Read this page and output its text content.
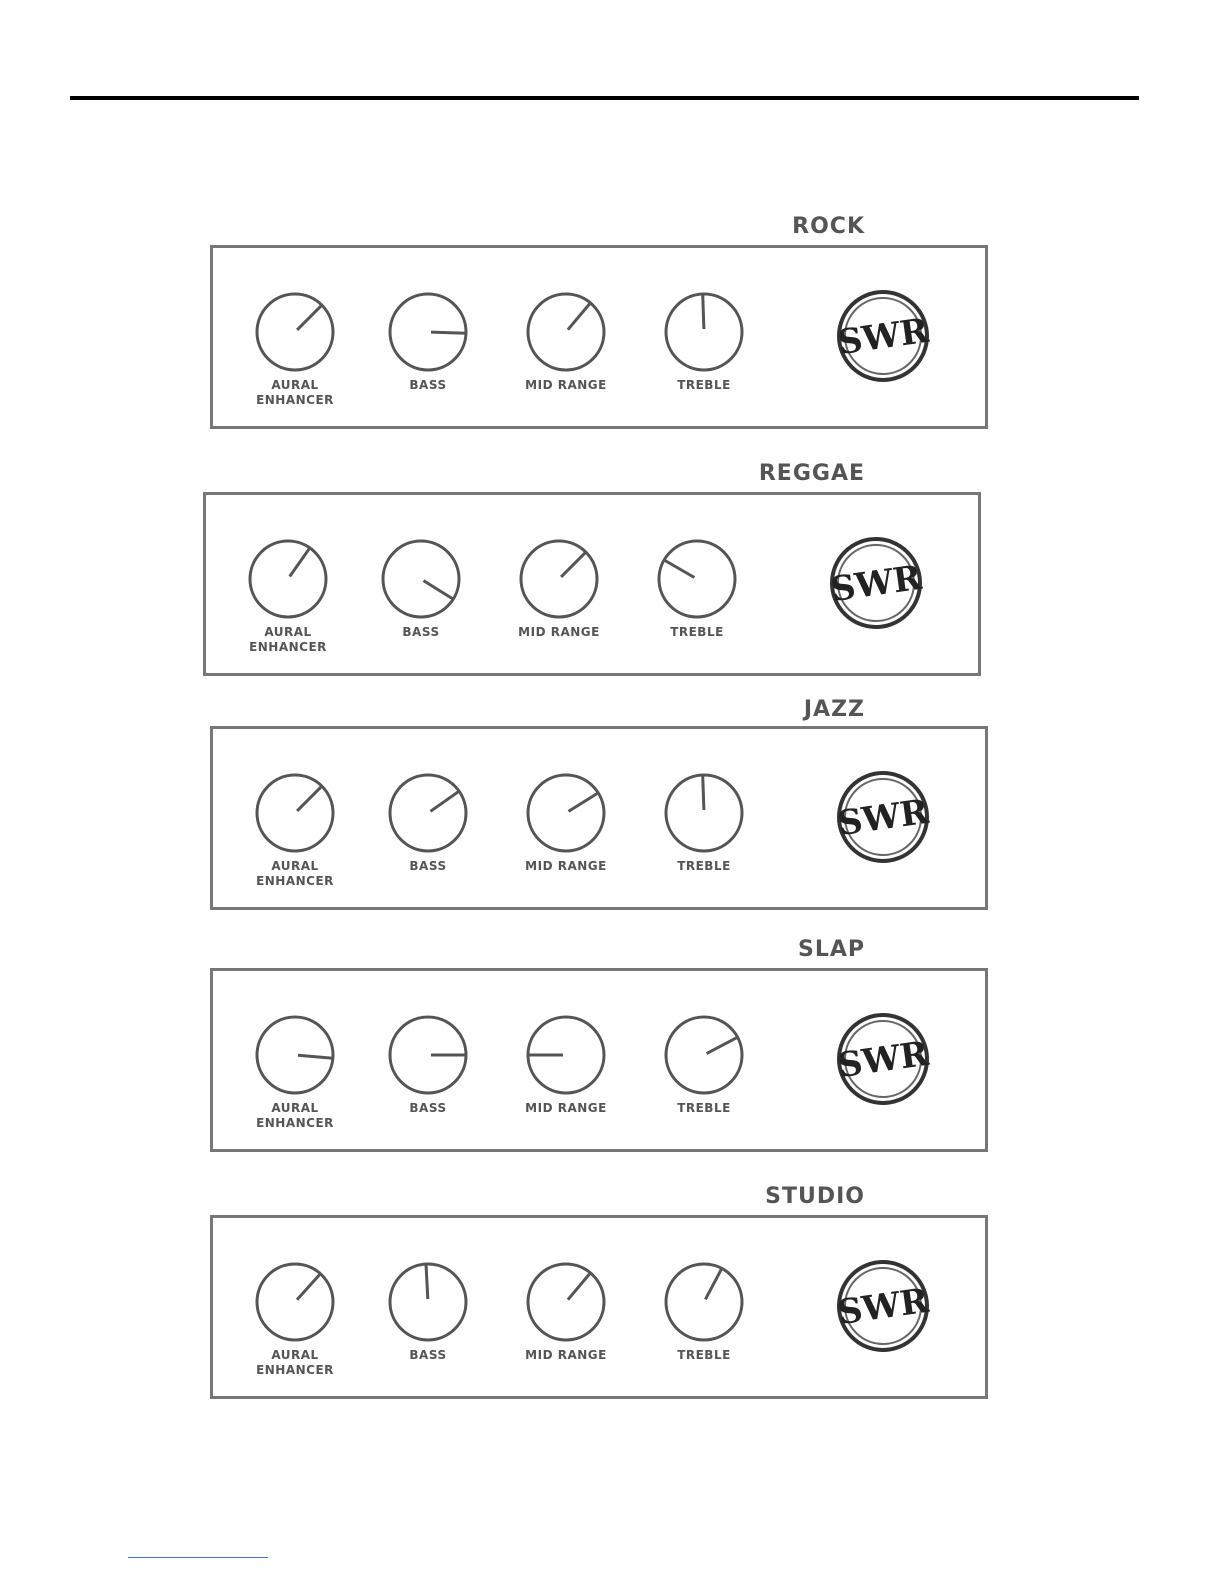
ROCK
AURAL
ENHANCER
BASS	MID RANGE	TREBLE
SWR
REGGAE
AURAL
ENHANCER
BASS	MID RANGE	TREBLE
SWR
JAZZ
AURAL
ENHANCER
BASS	MID RANGE	TREBLE
SWR
SLAP
AURAL
ENHANCER
BASS	MID RANGE	TREBLE
SWR
STUDIO
AURAL
ENHANCER
BASS	MID RANGE	TREBLE
SWR
